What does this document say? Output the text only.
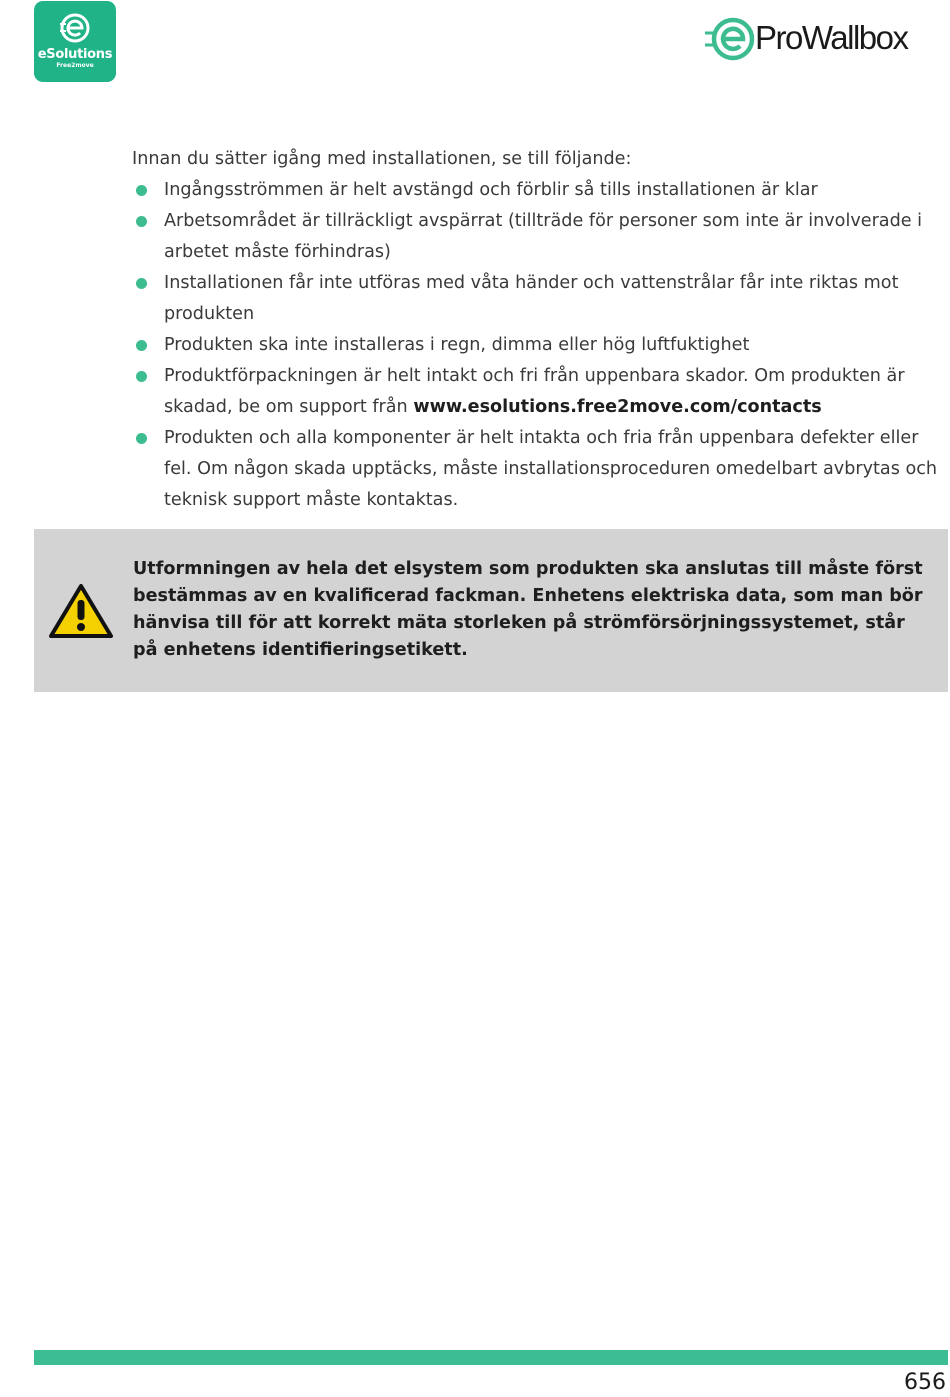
eSolutions
Free2move
ProWallbox

Innan du sätter igång med installationen, se till följande:

Ingångsströmmen är helt avstängd och förblir så tills installationen är klar
Arbetsområdet är tillräckligt avspärrat (tillträde för personer som inte är involverade i arbetet måste förhindras)
Installationen får inte utföras med våta händer och vattenstrålar får inte riktas mot produkten
Produkten ska inte installeras i regn, dimma eller hög luftfuktighet
Produktförpackningen är helt intakt och fri från uppenbara skador. Om produkten är skadad, be om support från www.esolutions.free2move.com/contacts
Produkten och alla komponenter är helt intakta och fria från uppenbara defekter eller fel. Om någon skada upptäcks, måste installationsproceduren omedelbart avbrytas och teknisk support måste kontaktas.
Utformningen av hela det elsystem som produkten ska anslutas till måste först bestämmas av en kvalificerad fackman. Enhetens elektriska data, som man bör hänvisa till för att korrekt mäta storleken på strömförsörjningssystemet, står på enhetens identifieringsetikett.
656
